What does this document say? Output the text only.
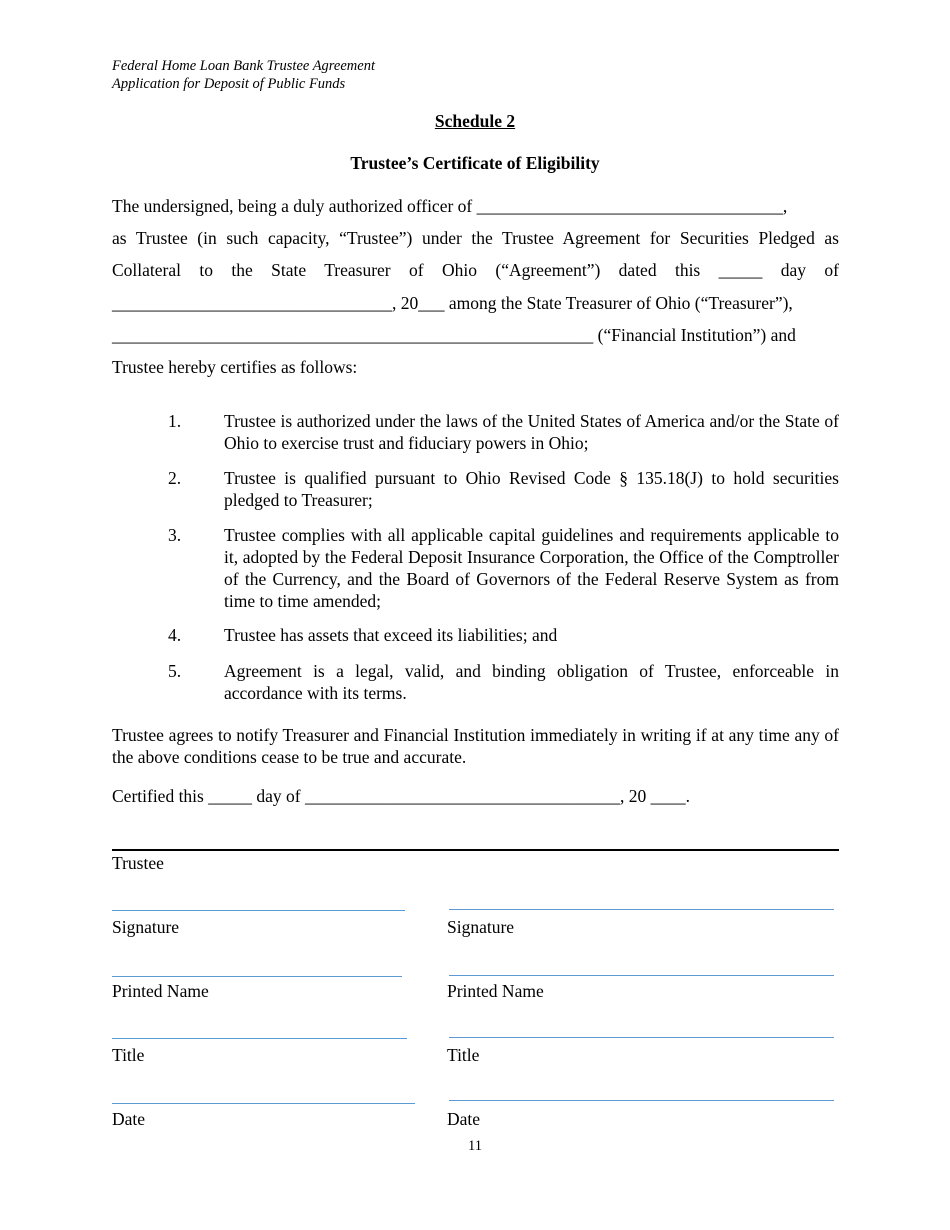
Federal Home Loan Bank Trustee Agreement

Application for Deposit of Public Funds

Schedule 2

Trustee’s Certificate of Eligibility

The undersigned, being a duly authorized officer of ___________________________________,

as Trustee (in such capacity, “Trustee”) under the Trustee Agreement for Securities Pledged as

Collateral to the State Treasurer of Ohio (“Agreement”) dated this _____ day of

________________________________, 20___ among the State Treasurer of Ohio (“Treasurer”),

_______________________________________________________ (“Financial Institution”) and

Trustee hereby certifies as follows:

1. Trustee is authorized under the laws of the United States of America and/or the State of Ohio to exercise trust and fiduciary powers in Ohio;

2. Trustee is qualified pursuant to Ohio Revised Code § 135.18(J) to hold securities pledged to Treasurer;

3. Trustee complies with all applicable capital guidelines and requirements applicable to it, adopted by the Federal Deposit Insurance Corporation, the Office of the Comptroller of the Currency, and the Board of Governors of the Federal Reserve System as from time to time amended;

4. Trustee has assets that exceed its liabilities; and

5. Agreement is a legal, valid, and binding obligation of Trustee, enforceable in accordance with its terms.

Trustee agrees to notify Treasurer and Financial Institution immediately in writing if at any time any of the above conditions cease to be true and accurate.

Certified this _____ day of ____________________________________, 20 ____.

Trustee

Signature

Printed Name

Title

Date

Signature

Printed Name

Title

Date

11
